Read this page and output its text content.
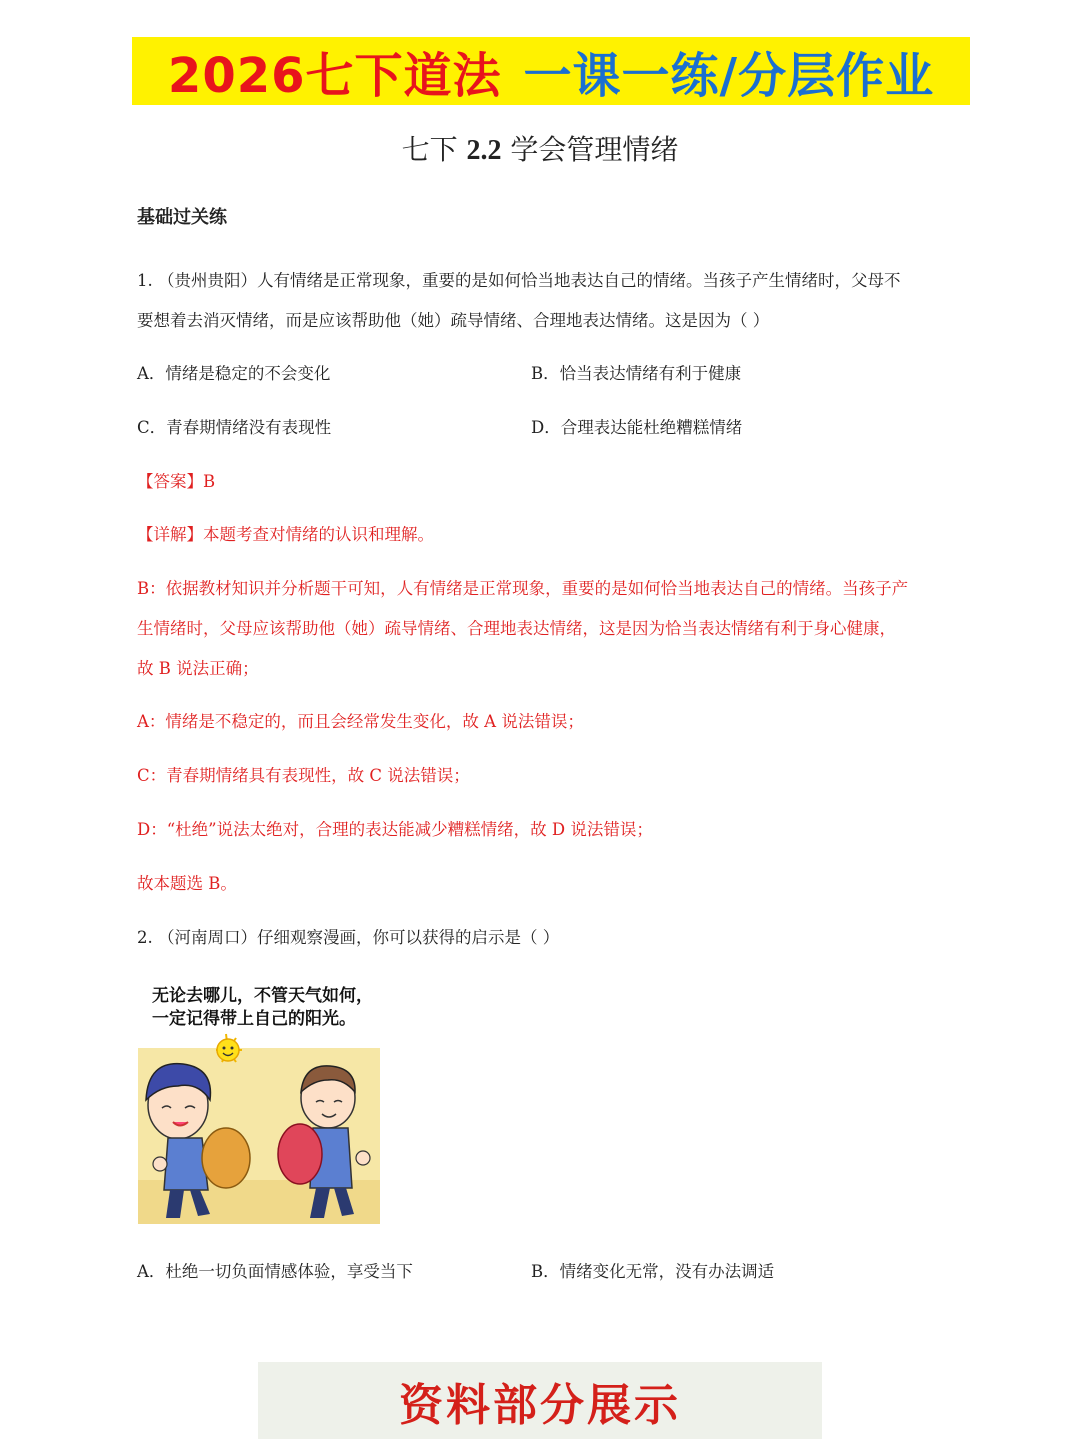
2026七下道法 一课一练/分层作业
七下 2.2 学会管理情绪
基础过关练
1. （贵州贵阳）人有情绪是正常现象，重要的是如何恰当地表达自己的情绪。当孩子产生情绪时，父母不
要想着去消灭情绪，而是应该帮助他（她）疏导情绪、合理地表达情绪。这是因为（ ）
A．情绪是稳定的不会变化	B．恰当表达情绪有利于健康
C．青春期情绪没有表现性	D．合理表达能杜绝糟糕情绪
【答案】B
【详解】本题考查对情绪的认识和理解。
B：依据教材知识并分析题干可知，人有情绪是正常现象，重要的是如何恰当地表达自己的情绪。当孩子产
生情绪时，父母应该帮助他（她）疏导情绪、合理地表达情绪，这是因为恰当表达情绪有利于身心健康，
故 B 说法正确；
A：情绪是不稳定的，而且会经常发生变化，故 A 说法错误；
C：青春期情绪具有表现性，故 C 说法错误；
D：“杜绝”说法太绝对，合理的表达能减少糟糕情绪，故 D 说法错误；
故本题选 B。
2. （河南周口）仔细观察漫画，你可以获得的启示是（ ）
无论去哪儿，不管天气如何，
一定记得带上自己的阳光。
A．杜绝一切负面情感体验，享受当下	B．情绪变化无常，没有办法调适
资料部分展示
